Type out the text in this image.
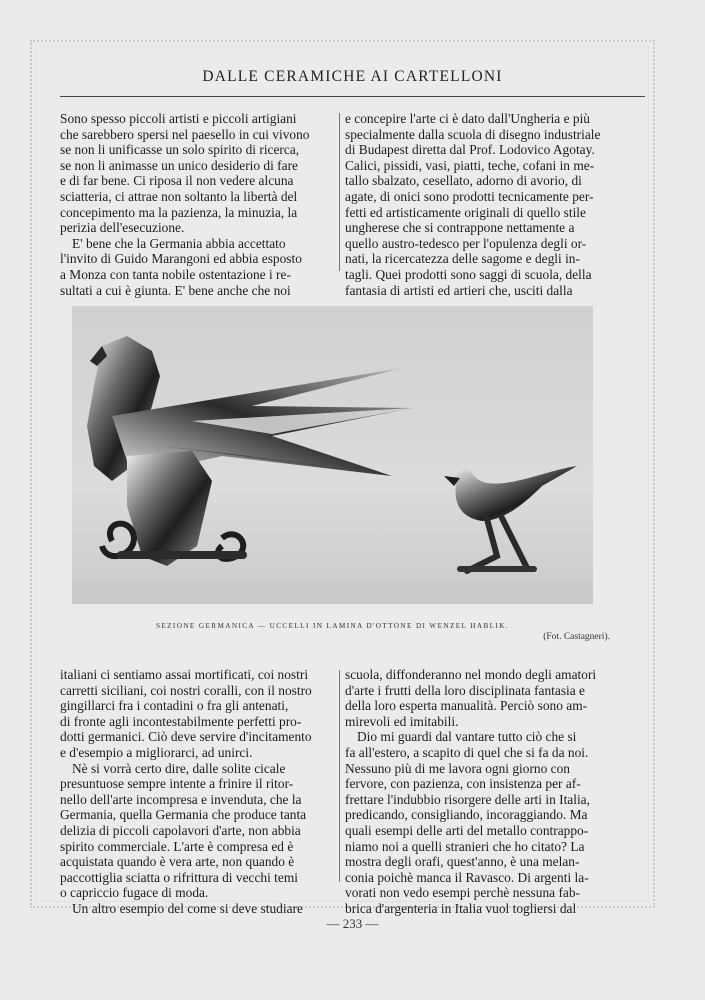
DALLE CERAMICHE AI CARTELLONI

Sono spesso piccoli artisti e piccoli artigiani

che sarebbero spersi nel paesello in cui vivono

se non li unificasse un solo spirito di ricerca,

se non li animasse un unico desiderio di fare

e di far bene. Ci riposa il non vedere alcuna

sciatteria, ci attrae non soltanto la libertà del

concepimento ma la pazienza, la minuzia, la

perizia dell'esecuzione.

E' bene che la Germania abbia accettato

l'invito di Guido Marangoni ed abbia esposto

a Monza con tanta nobile ostentazione i re-

sultati a cui è giunta. E' bene anche che noi

e concepire l'arte ci è dato dall'Ungheria e più

specialmente dalla scuola di disegno industriale

di Budapest diretta dal Prof. Lodovico Agotay.

Calici, pissidi, vasi, piatti, teche, cofani in me-

tallo sbalzato, cesellato, adorno di avorio, di

agate, di onici sono prodotti tecnicamente per-

fetti ed artisticamente originali di quello stile

ungherese che si contrappone nettamente a

quello austro-tedesco per l'opulenza degli or-

nati, la ricercatezza delle sagome e degli in-

tagli. Quei prodotti sono saggi di scuola, della

fantasia di artisti ed artieri che, usciti dalla

SEZIONE GERMANICA — UCCELLI IN LAMINA D'OTTONE DI WENZEL HABLIK.
(Fot. Castagneri).

italiani ci sentiamo assai mortificati, coi nostri

carretti siciliani, coi nostri coralli, con il nostro

gingillarci fra i contadini o fra gli antenati,

di fronte agli incontestabilmente perfetti pro-

dotti germanici. Ciò deve servire d'incitamento

e d'esempio a migliorarci, ad unirci.

Nè si vorrà certo dire, dalle solite cicale

presuntuose sempre intente a frinire il ritor-

nello dell'arte incompresa e invenduta, che la

Germania, quella Germania che produce tanta

delizia di piccoli capolavori d'arte, non abbia

spirito commerciale. L'arte è compresa ed è

acquistata quando è vera arte, non quando è

paccottiglia sciatta o rifrittura di vecchi temi

o capriccio fugace di moda.

Un altro esempio del come si deve studiare

scuola, diffonderanno nel mondo degli amatori

d'arte i frutti della loro disciplinata fantasia e

della loro esperta manualità. Perciò sono am-

mirevoli ed imitabili.

Dio mi guardi dal vantare tutto ciò che si

fa all'estero, a scapito di quel che si fa da noi.

Nessuno più di me lavora ogni giorno con

fervore, con pazienza, con insistenza per af-

frettare l'indubbio risorgere delle arti in Italia,

predicando, consigliando, incoraggiando. Ma

quali esempi delle arti del metallo contrappo-

niamo noi a quelli stranieri che ho citato? La

mostra degli orafi, quest'anno, è una melan-

conia poichè manca il Ravasco. Di argenti la-

vorati non vedo esempi perchè nessuna fab-

brica d'argenteria in Italia vuol togliersi dal

— 233 —
